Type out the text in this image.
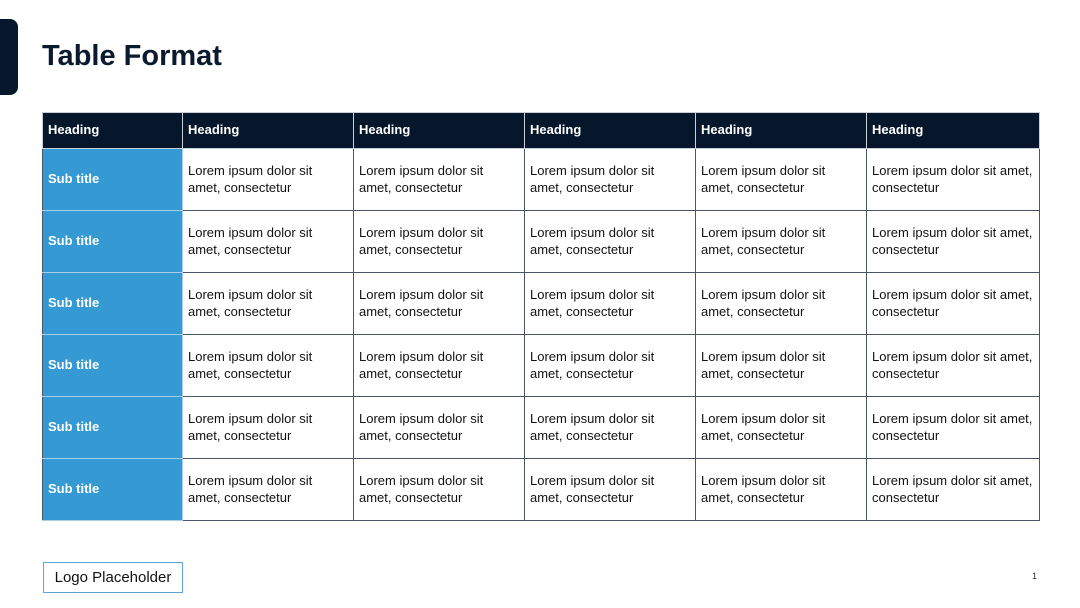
Table Format
Heading	Heading	Heading	Heading	Heading	Heading
Sub title	Lorem ipsum dolor sit amet, consectetur	Lorem ipsum dolor sit amet, consectetur	Lorem ipsum dolor sit amet, consectetur	Lorem ipsum dolor sit amet, consectetur	Lorem ipsum dolor sit amet, consectetur
Sub title	Lorem ipsum dolor sit amet, consectetur	Lorem ipsum dolor sit amet, consectetur	Lorem ipsum dolor sit amet, consectetur	Lorem ipsum dolor sit amet, consectetur	Lorem ipsum dolor sit amet, consectetur
Sub title	Lorem ipsum dolor sit amet, consectetur	Lorem ipsum dolor sit amet, consectetur	Lorem ipsum dolor sit amet, consectetur	Lorem ipsum dolor sit amet, consectetur	Lorem ipsum dolor sit amet, consectetur
Sub title	Lorem ipsum dolor sit amet, consectetur	Lorem ipsum dolor sit amet, consectetur	Lorem ipsum dolor sit amet, consectetur	Lorem ipsum dolor sit amet, consectetur	Lorem ipsum dolor sit amet, consectetur
Sub title	Lorem ipsum dolor sit amet, consectetur	Lorem ipsum dolor sit amet, consectetur	Lorem ipsum dolor sit amet, consectetur	Lorem ipsum dolor sit amet, consectetur	Lorem ipsum dolor sit amet, consectetur
Sub title	Lorem ipsum dolor sit amet, consectetur	Lorem ipsum dolor sit amet, consectetur	Lorem ipsum dolor sit amet, consectetur	Lorem ipsum dolor sit amet, consectetur	Lorem ipsum dolor sit amet, consectetur
Logo Placeholder	1
